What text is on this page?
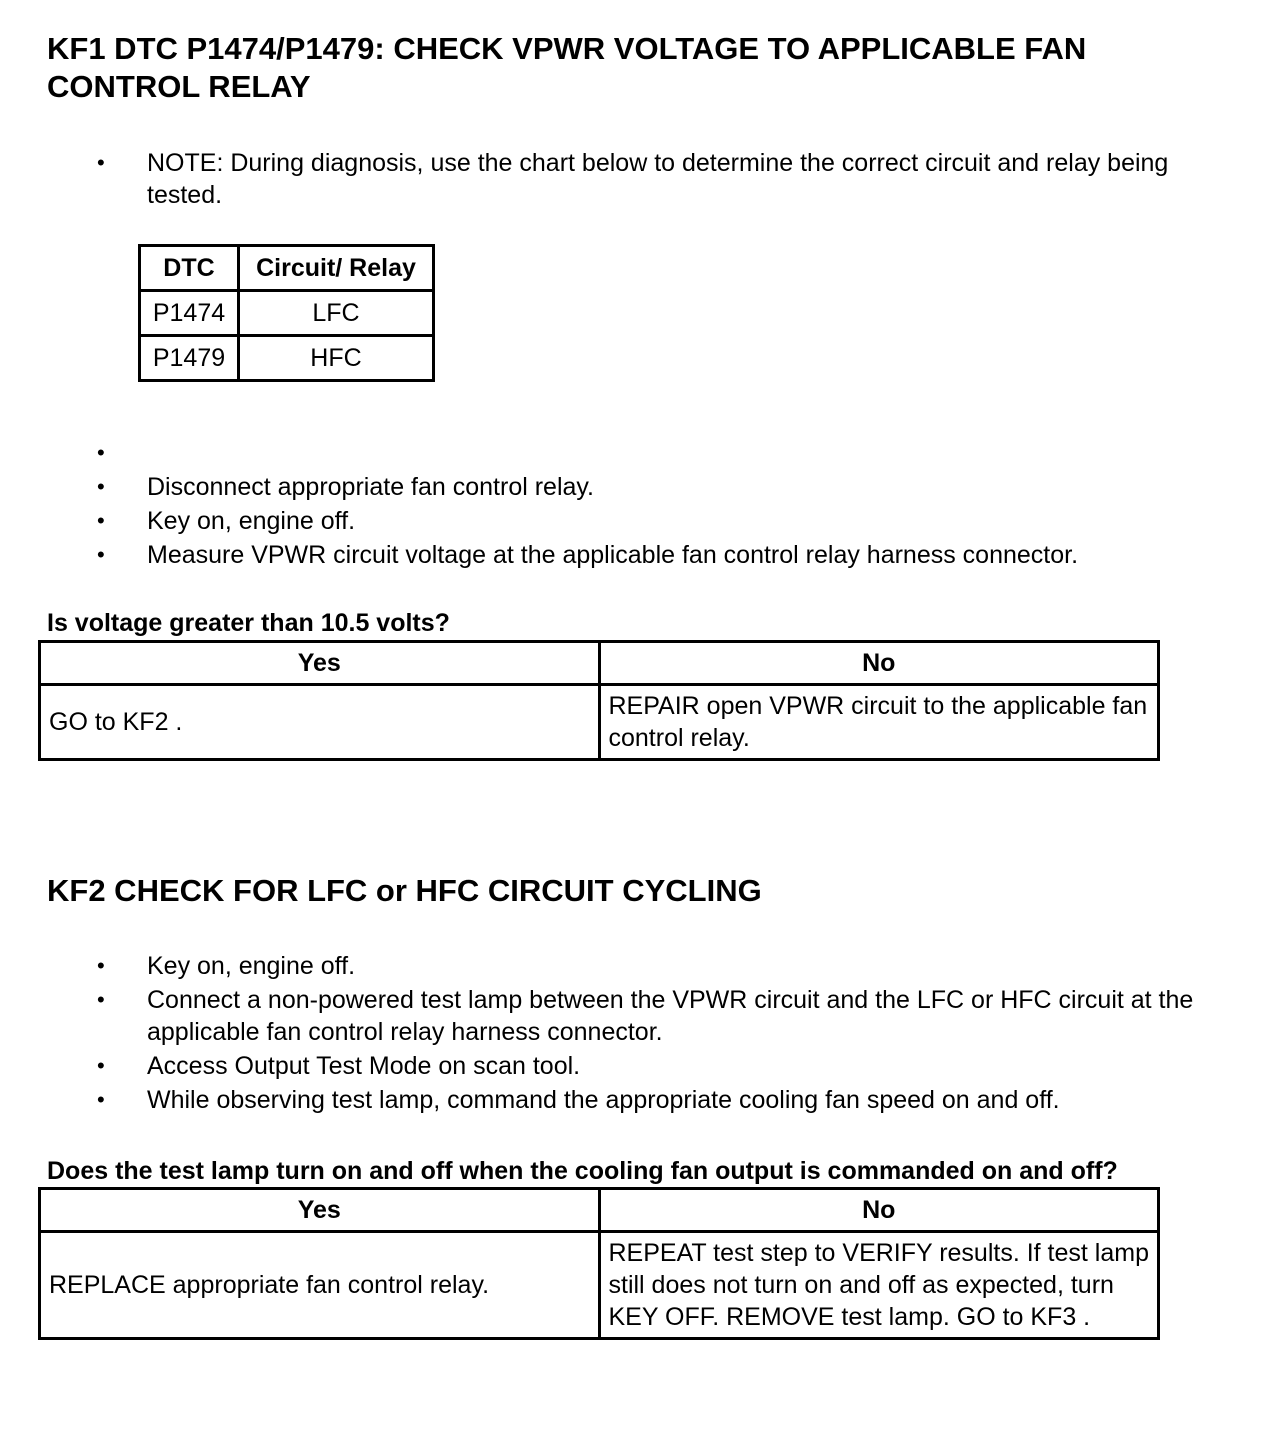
KF1 DTC P1474/P1479: CHECK VPWR VOLTAGE TO APPLICABLE FAN CONTROL RELAY
• NOTE: During diagnosis, use the chart below to determine the correct circuit and relay being tested.
DTC	Circuit/ Relay
P1474	LFC
P1479	HFC
•
• Disconnect appropriate fan control relay.
• Key on, engine off.
• Measure VPWR circuit voltage at the applicable fan control relay harness connector.

Is voltage greater than 10.5 volts?

Yes	No
GO to KF2 .	REPAIR open VPWR circuit to the applicable fan control relay.
KF2 CHECK FOR LFC or HFC CIRCUIT CYCLING
• Key on, engine off.
• Connect a non-powered test lamp between the VPWR circuit and the LFC or HFC circuit at the applicable fan control relay harness connector.
• Access Output Test Mode on scan tool.
• While observing test lamp, command the appropriate cooling fan speed on and off.

Does the test lamp turn on and off when the cooling fan output is commanded on and off?

Yes	No
REPLACE appropriate fan control relay.	REPEAT test step to VERIFY results. If test lamp still does not turn on and off as expected, turn KEY OFF. REMOVE test lamp. GO to KF3 .
